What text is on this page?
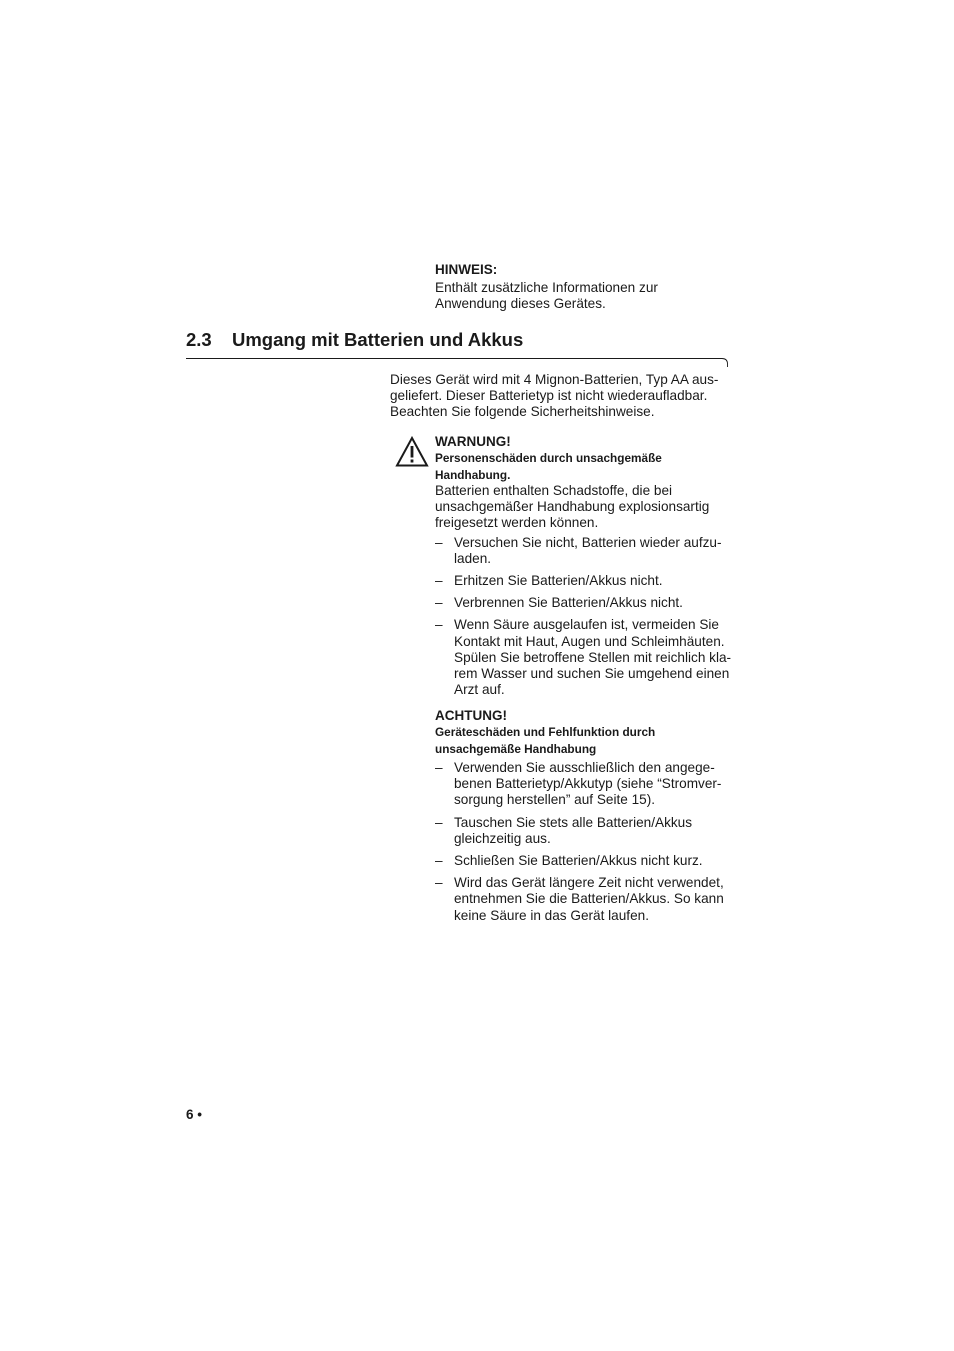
HINWEIS:
Enthält zusätzliche Informationen zur
Anwendung dieses Gerätes.
2.3 Umgang mit Batterien und Akkus
Dieses Gerät wird mit 4 Mignon-Batterien, Typ AA aus-
geliefert. Dieser Batterietyp ist nicht wiederaufladbar.
Beachten Sie folgende Sicherheitshinweise.
WARNUNG!
Personenschäden durch unsachgemäße
Handhabung.
Batterien enthalten Schadstoffe, die bei
unsachgemäßer Handhabung explosionsartig
freigesetzt werden können.
– Versuchen Sie nicht, Batterien wieder aufzu-
laden.
– Erhitzen Sie Batterien/Akkus nicht.
– Verbrennen Sie Batterien/Akkus nicht.
– Wenn Säure ausgelaufen ist, vermeiden Sie
Kontakt mit Haut, Augen und Schleimhäuten.
Spülen Sie betroffene Stellen mit reichlich kla-
rem Wasser und suchen Sie umgehend einen
Arzt auf.
ACHTUNG!
Geräteschäden und Fehlfunktion durch
unsachgemäße Handhabung
– Verwenden Sie ausschließlich den angege-
benen Batterietyp/Akkutyp (siehe “Stromver-
sorgung herstellen” auf Seite 15).
– Tauschen Sie stets alle Batterien/Akkus
gleichzeitig aus.
– Schließen Sie Batterien/Akkus nicht kurz.
– Wird das Gerät längere Zeit nicht verwendet,
entnehmen Sie die Batterien/Akkus. So kann
keine Säure in das Gerät laufen.
6 •
